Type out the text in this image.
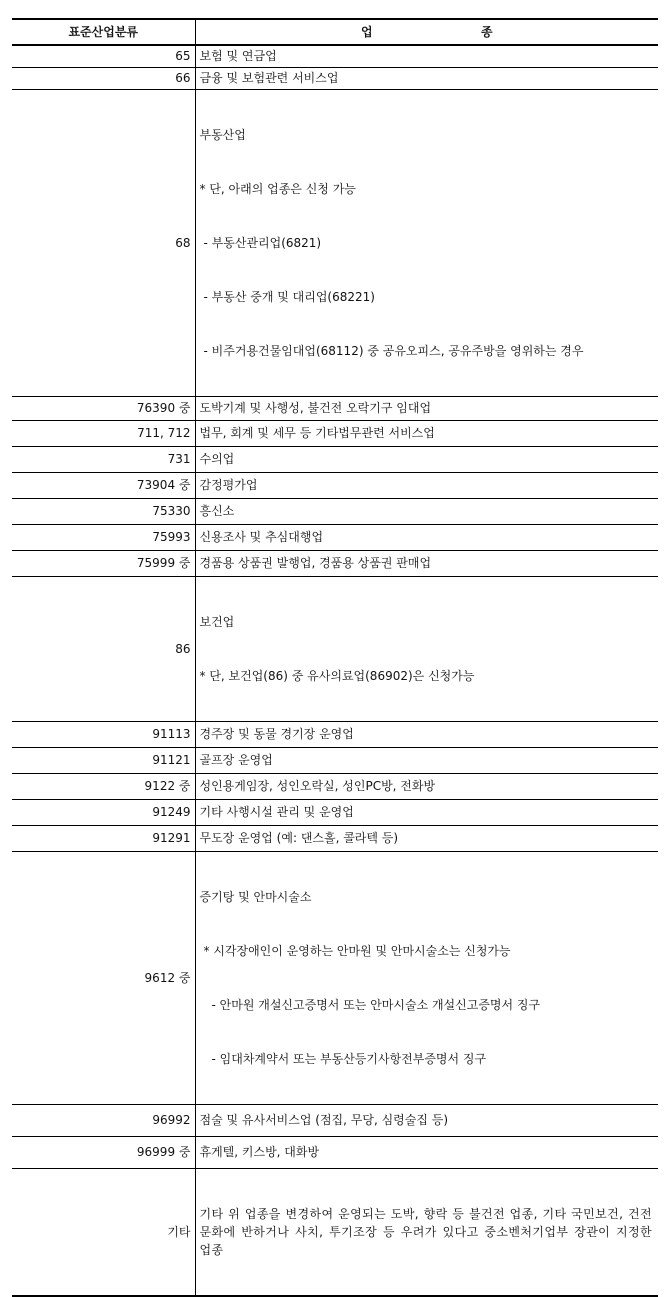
표준산업분류	업 종
65	보험 및 연금업
66	금융 및 보험관련 서비스업
68	부동산업

* 단, 아래의 업종은 신청 가능

- 부동산관리업(6821)

- 부동산 중개 및 대리업(68221)

- 비주거용건물임대업(68112) 중 공유오피스, 공유주방을 영위하는 경우

76390 중	도박기계 및 사행성, 불건전 오락기구 임대업
711, 712	법무, 회계 및 세무 등 기타법무관련 서비스업
731	수의업
73904 중	감정평가업
75330	흥신소
75993	신용조사 및 추심대행업
75999 중	경품용 상품권 발행업, 경품용 상품권 판매업
86	보건업

* 단, 보건업(86) 중 유사의료업(86902)은 신청가능

91113	경주장 및 동물 경기장 운영업
91121	골프장 운영업
9122 중	성인용게임장, 성인오락실, 성인PC방, 전화방
91249	기타 사행시설 관리 및 운영업
91291	무도장 운영업 (예: 댄스홀, 콜라텍 등)
9612 중	증기탕 및 안마시술소

* 시각장애인이 운영하는 안마원 및 안마시술소는 신청가능

- 안마원 개설신고증명서 또는 안마시술소 개설신고증명서 징구

- 임대차계약서 또는 부동산등기사항전부증명서 징구

96992	점술 및 유사서비스업 (점집, 무당, 심령술집 등)
96999 중	휴게텔, 키스방, 대화방
기타	기타 위 업종을 변경하여 운영되는 도박, 향락 등 불건전 업종, 기타 국민보건, 건전문화에 반하거나 사치, 투기조장 등 우려가 있다고 중소벤처기업부 장관이 지정한 업종
